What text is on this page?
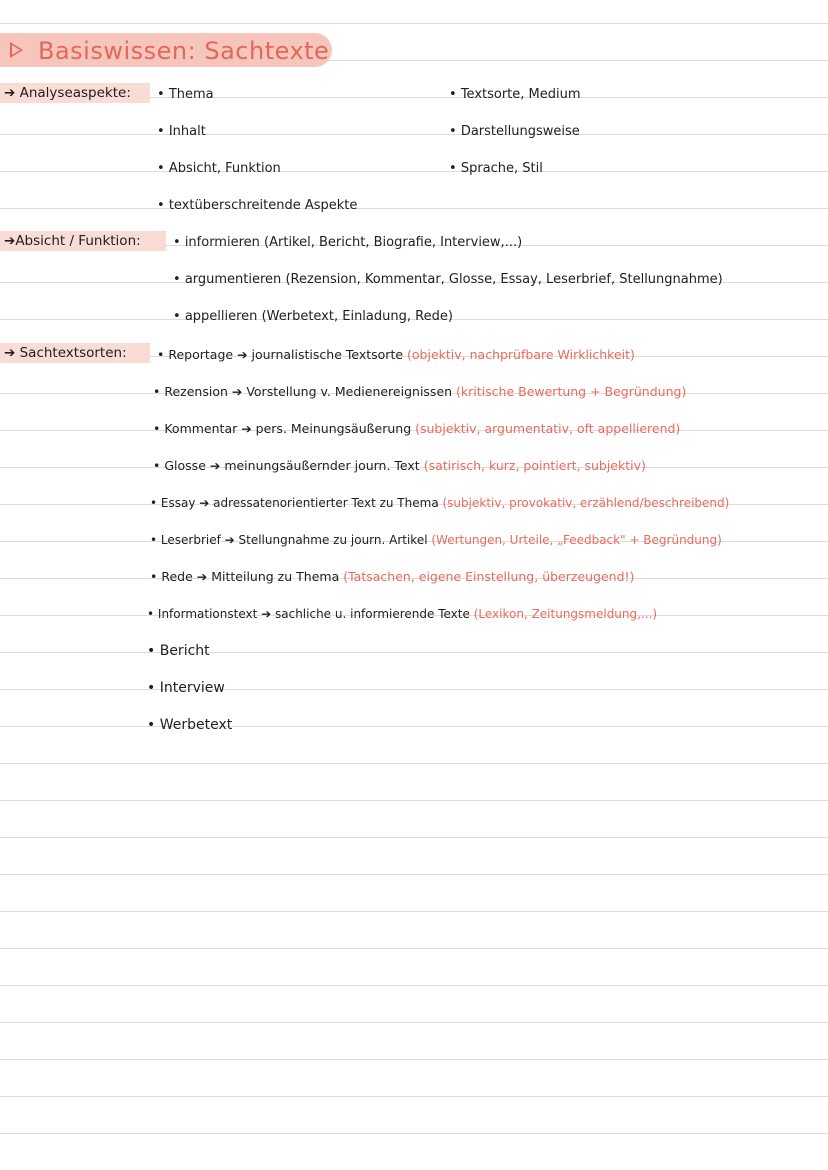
Basiswissen: Sachtexte
➔ Analyseaspekte: • Thema
• Inhalt
• Absicht, Funktion
• textüberschreitende Aspekte
• Textsorte, Medium
• Darstellungsweise
• Sprache, Stil
➔Absicht / Funktion: • informieren (Artikel, Bericht, Biografie, Interview,...)
• argumentieren (Rezension, Kommentar, Glosse, Essay, Leserbrief, Stellungnahme)
• appellieren (Werbetext, Einladung, Rede)
➔ Sachtextsorten: • Reportage ➔ journalistische Textsorte (objektiv, nachprüfbare Wirklichkeit)
• Rezension ➔ Vorstellung v. Medienereignissen (kritische Bewertung + Begründung)
• Kommentar ➔ pers. Meinungsäußerung (subjektiv, argumentativ, oft appellierend)
• Glosse ➔ meinungsäußernder journ. Text (satirisch, kurz, pointiert, subjektiv)
• Essay ➔ adressatenorientierter Text zu Thema (subjektiv, provokativ, erzählend/beschreibend)
• Leserbrief ➔ Stellungnahme zu journ. Artikel (Wertungen, Urteile, „Feedback" + Begründung)
• Rede ➔ Mitteilung zu Thema (Tatsachen, eigene Einstellung, überzeugend!)
• Informationstext ➔ sachliche u. informierende Texte (Lexikon, Zeitungsmeldung,...)
• Bericht
• Interview
• Werbetext
